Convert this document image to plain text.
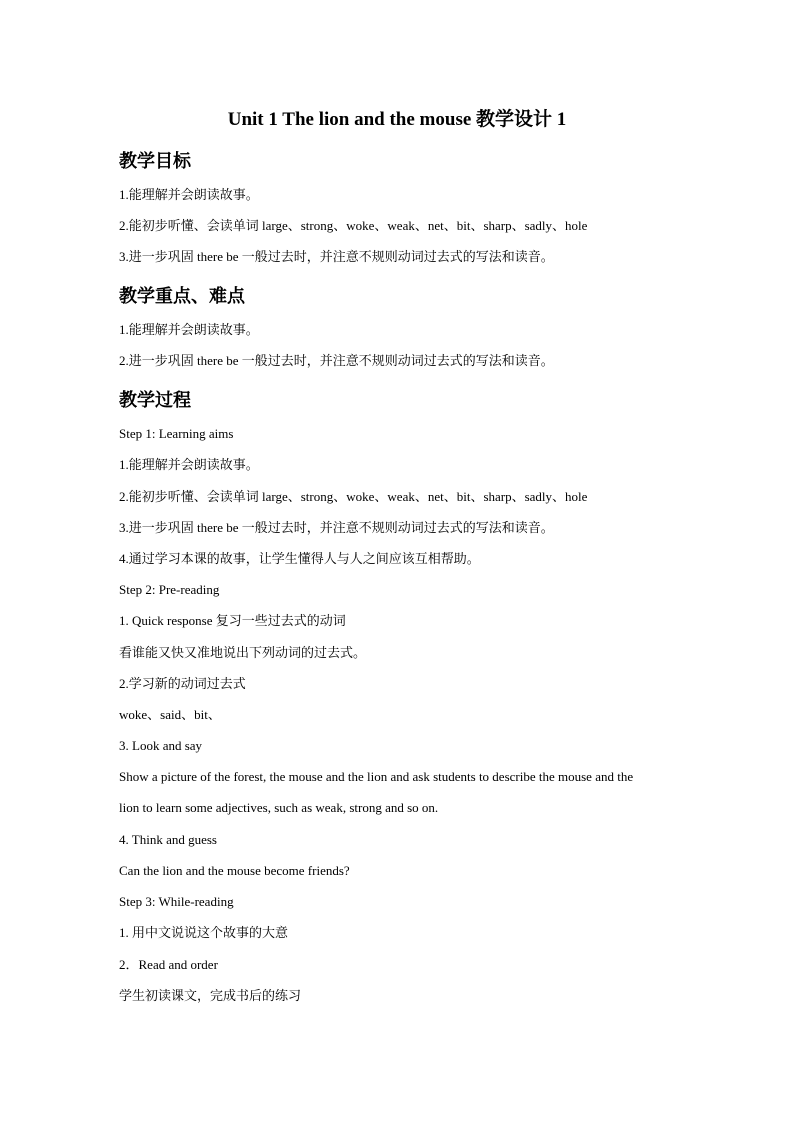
Unit 1 The lion and the mouse 教学设计 1
教学目标
1.能理解并会朗读故事。
2.能初步听懂、会读单词 large、strong、woke、weak、net、bit、sharp、sadly、hole
3.进一步巩固 there be 一般过去时，并注意不规则动词过去式的写法和读音。
教学重点、难点
1.能理解并会朗读故事。
2.进一步巩固 there be 一般过去时，并注意不规则动词过去式的写法和读音。
教学过程
Step 1: Learning aims
1.能理解并会朗读故事。
2.能初步听懂、会读单词 large、strong、woke、weak、net、bit、sharp、sadly、hole
3.进一步巩固 there be 一般过去时，并注意不规则动词过去式的写法和读音。
4.通过学习本课的故事，让学生懂得人与人之间应该互相帮助。
Step 2: Pre-reading
1. Quick response 复习一些过去式的动词
看谁能又快又准地说出下列动词的过去式。
2.学习新的动词过去式
woke、said、bit、
3. Look and say
Show a picture of the forest, the mouse and the lion and ask students to describe the mouse and the
lion to learn some adjectives, such as weak, strong and so on.
4. Think and guess
Can the lion and the mouse become friends?
Step 3: While-reading
1. 用中文说说这个故事的大意
2．Read and order
学生初读课文，完成书后的练习
